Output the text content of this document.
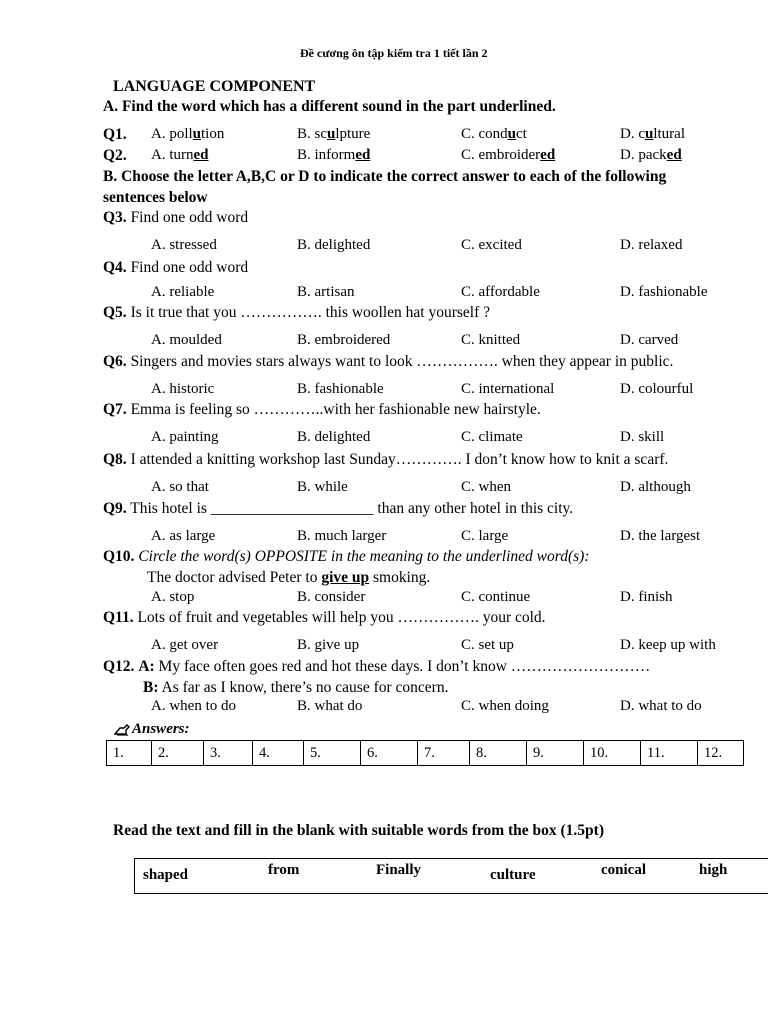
Đề cương ôn tập kiểm tra 1 tiết lần 2
LANGUAGE COMPONENT
A. Find the word which has a different sound in the part underlined.
Q1. A. pollution	B. sculpture	C. conduct	D. cultural
Q2. A. turned	B. informed	C. embroidered	D. packed
B. Choose the letter A,B,C or D to indicate the correct answer to each of the following
sentences below
Q3. Find one odd word
A. stressed	B. delighted	C. excited	D. relaxed
Q4. Find one odd word
A. reliable	B. artisan	C. affordable	D. fashionable
Q5. Is it true that you ……………. this woollen hat yourself ?
A. moulded	B. embroidered	C. knitted	D. carved
Q6. Singers and movies stars always want to look ……………. when they appear in public.
A. historic	B. fashionable	C. international	D. colourful
Q7. Emma is feeling so …………..with her fashionable new hairstyle.
A. painting	B. delighted	C. climate	D. skill
Q8. I attended a knitting workshop last Sunday…………. I don’t know how to knit a scarf.
A. so that	B. while	C. when	D. although
Q9. This hotel is _____________________ than any other hotel in this city.
A. as large	B. much larger	C. large	D. the largest
Q10. Circle the word(s) OPPOSITE in the meaning to the underlined word(s):
The doctor advised Peter to give up smoking.
A. stop	B. consider	C. continue	D. finish
Q11. Lots of fruit and vegetables will help you ……………. your cold.
A. get over	B. give up	C. set up	D. keep up with
Q12. A: My face often goes red and hot these days. I don’t know ………………………
B: As far as I know, there’s no cause for concern.
A. when to do	B. what do	C. when doing	D. what to do
Answers:
1.	2.	3.	4.	5.	6.	7.	8.	9.	10.	11.	12.
Read the text and fill in the blank with suitable words from the box (1.5pt)
shaped	from	Finally	culture	conical	high
